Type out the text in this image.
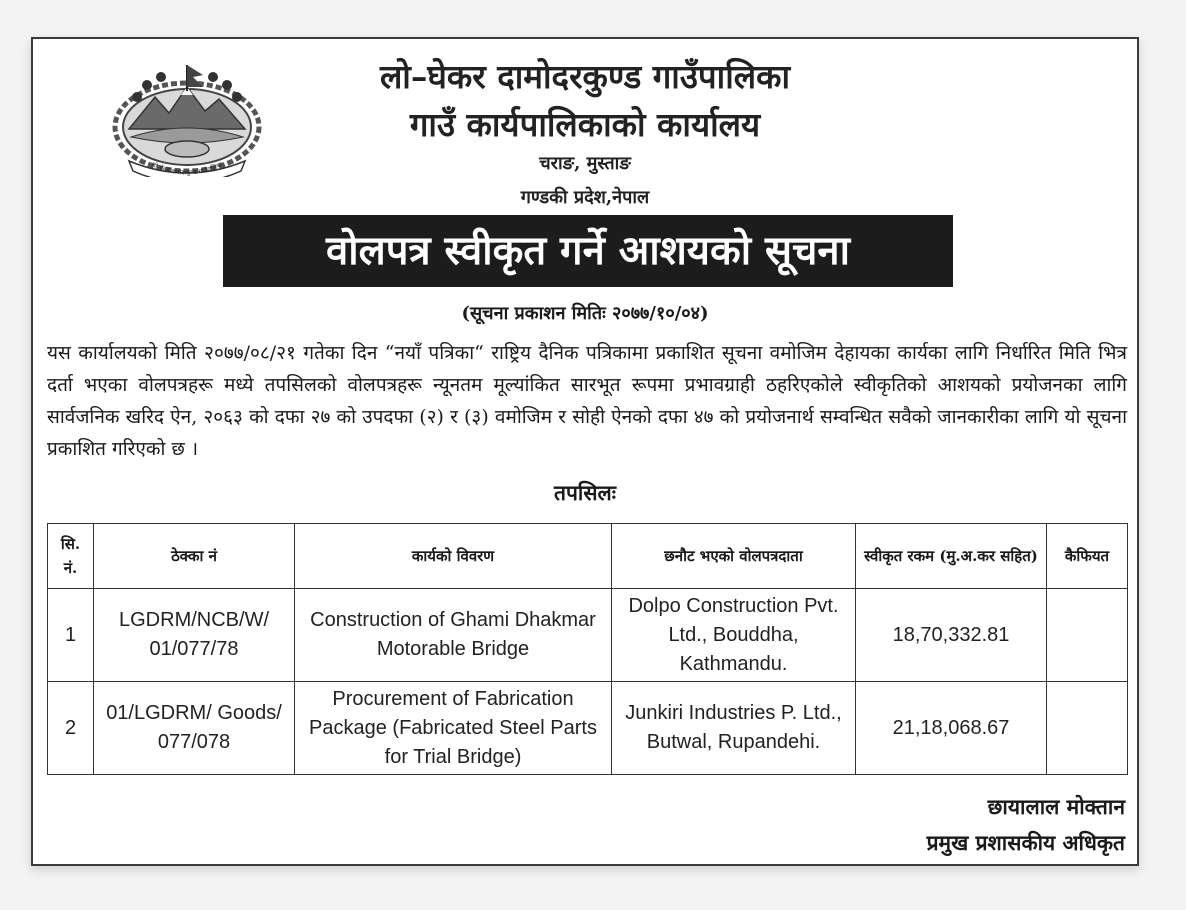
लो–घेकर दामोदरकुण्ड गाउँपालिका
लो–घेकर दामोदरकुण्ड गाउँपालिका
गाउँ कार्यपालिकाको कार्यालय
चराङ, मुस्ताङ
गण्डकी प्रदेश,नेपाल
वोलपत्र स्वीकृत गर्ने आशयको सूचना
(सूचना प्रकाशन मितिः २०७७/१०/०४)
यस कार्यालयको मिति २०७७/०८/२१ गतेका दिन “नयाँ पत्रिका“ राष्ट्रिय दैनिक पत्रिकामा प्रकाशित सूचना वमोजिम देहायका कार्यका लागि निर्धारित मिति भित्र दर्ता भएका वोलपत्रहरू मध्ये तपसिलको वोलपत्रहरू न्यूनतम मूल्यांकित सारभूत रूपमा प्रभावग्राही ठहरिएकोले स्वीकृतिको आशयको प्रयोजनका लागि सार्वजनिक खरिद ऐन, २०६३ को दफा २७ को उपदफा (२) र (३) वमोजिम र सोही ऐनको दफा ४७ को प्रयोजनार्थ सम्वन्धित सवैको जानकारीका लागि यो सूचना प्रकाशित गरिएको छ ।
तपसिलः
सि. नं.	ठेक्का नं	कार्यको विवरण	छनौट भएको वोलपत्रदाता	स्वीकृत रकम (मु.अ.कर सहित)	कैफियत
1	LGDRM/NCB/W/ 01/077/78	Construction of Ghami Dhakmar Motorable Bridge	Dolpo Construction Pvt. Ltd., Bouddha, Kathmandu.	18,70,332.81	
2	01/LGDRM/ Goods/ 077/078	Procurement of Fabrication Package (Fabricated Steel Parts for Trial Bridge)	Junkiri Industries P. Ltd., Butwal, Rupandehi.	21,18,068.67	
छायालाल मोक्तान
प्रमुख प्रशासकीय अधिकृत
